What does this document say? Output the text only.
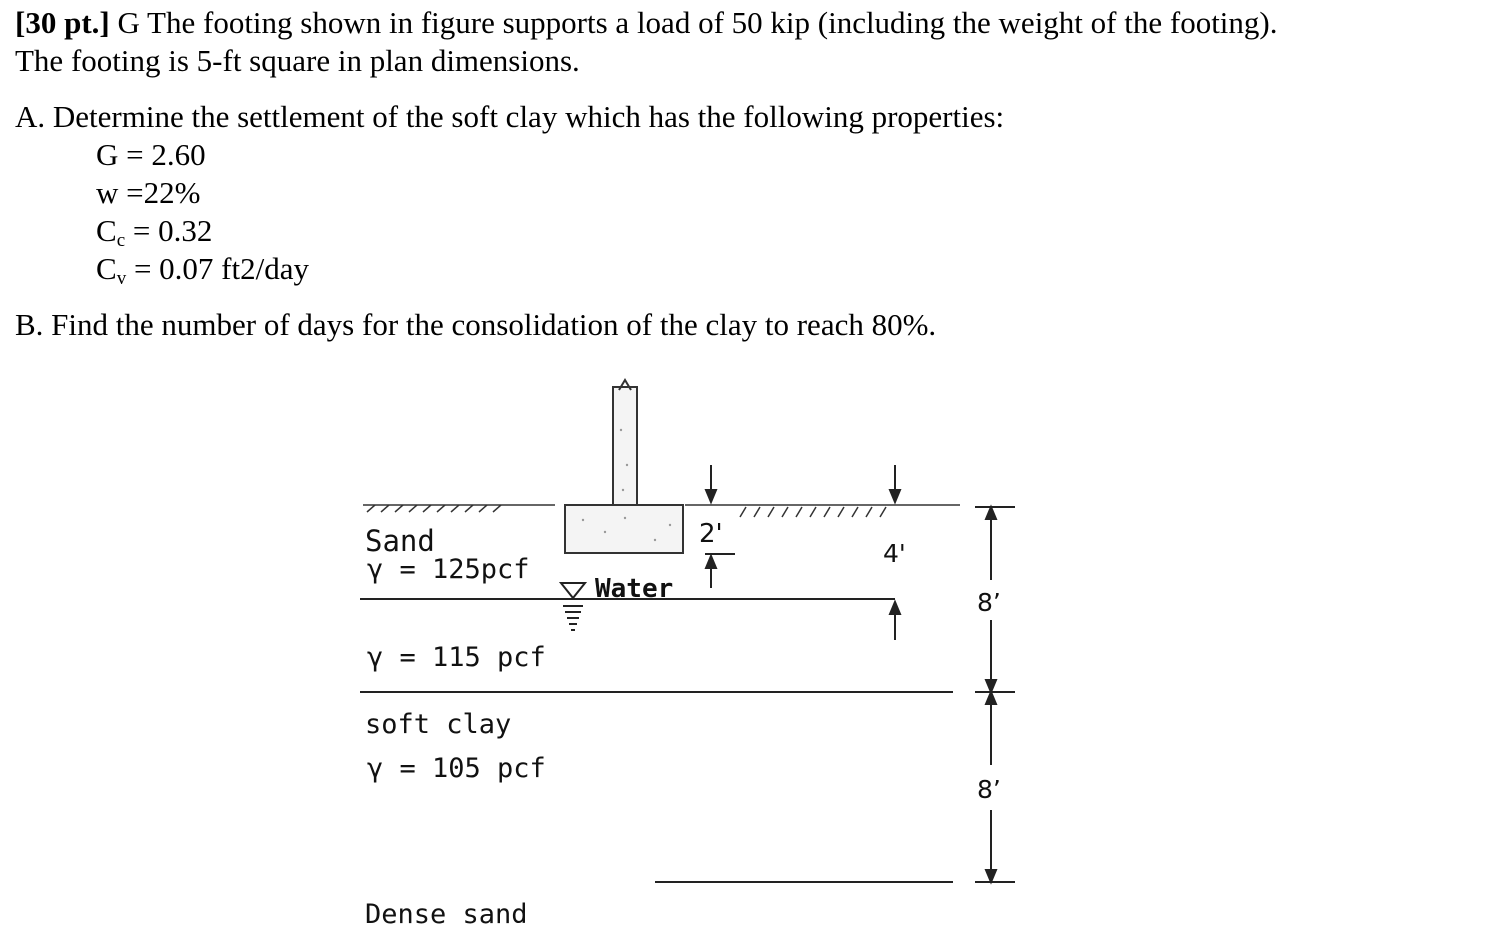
[30 pt.] G The footing shown in figure supports a load of 50 kip (including the weight of the footing).
The footing is 5-ft square in plan dimensions.
A. Determine the settlement of the soft clay which has the following properties:
G = 2.60
w =22%
$C_c = 0.32$
$C_v = 0.07$ ft2/day
B. Find the number of days for the consolidation of the clay to reach 80%.
Sand
γ = 125pcf
Water
γ = 115 pcf
soft clay
γ = 105 pcf
Dense sand
2'
4'
8’
8’
